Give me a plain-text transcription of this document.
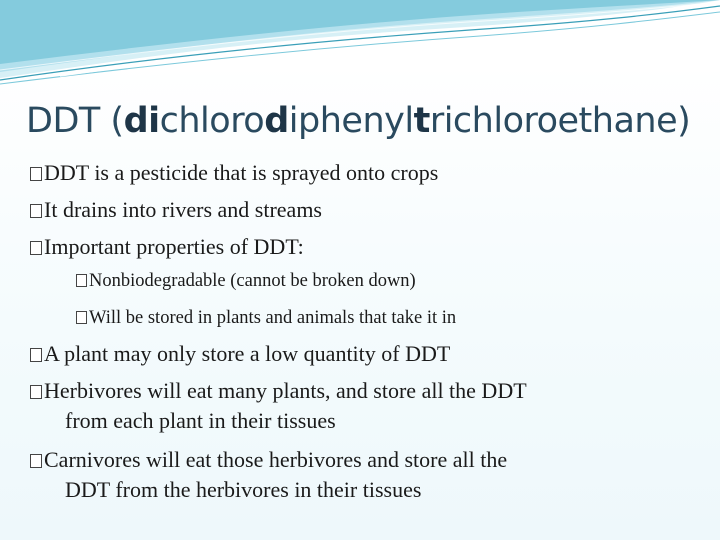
DDT (dichlorodiphenyltrichloroethane)
DDT is a pesticide that is sprayed onto crops
It drains into rivers and streams
Important properties of DDT:
Nonbiodegradable (cannot be broken down)
Will be stored in plants and animals that take it in
A plant may only store a low quantity of DDT
Herbivores will eat many plants, and store all the DDT
from each plant in their tissues
Carnivores will eat those herbivores and store all the
DDT from the herbivores in their tissues
